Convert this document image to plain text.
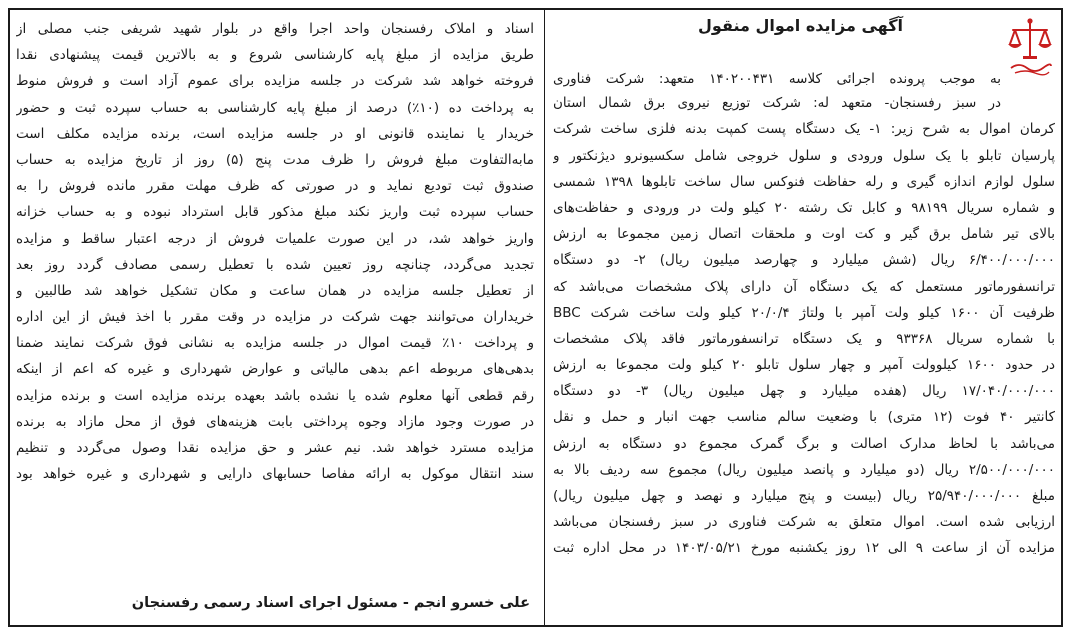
آگهی مزایده اموال منقول
به موجب پرونده اجرائی کلاسه ۱۴۰۲۰۰۴۳۱ متعهد: شرکت فناوری
در سبز رفسنجان- متعهد له: شرکت توزیع نیروی برق شمال استان
کرمان اموال به شرح زیر: ۱- یک دستگاه پست کمپت بدنه فلزی ساخت شرکت
پارسیان تابلو با یک سلول ورودی و سلول خروجی شامل سکسیونرو دیژنکتور و
سلول لوازم اندازه گیری و رله حفاظت فنوکس سال ساخت تابلوها ۱۳۹۸ شمسی
و شماره سریال ۹۸۱۹۹ و کابل تک رشته ۲۰ کیلو ولت در ورودی و حفاظت‌های
بالای تیر شامل برق گیر و کت اوت و ملحقات اتصال زمین مجموعا به ارزش
۶/۴۰۰/۰۰۰/۰۰۰ ریال (شش میلیارد و چهارصد میلیون ریال) ۲- دو دستگاه
ترانسفورماتور مستعمل که یک دستگاه آن دارای پلاک مشخصات می‌باشد که
ظرفیت آن ۱۶۰۰ کیلو ولت آمپر با ولتاژ ۲۰/۰/۴ کیلو ولت ساخت شرکت BBC
با شماره سریال ۹۳۳۶۸ و یک دستگاه ترانسفورماتور فاقد پلاک مشخصات
در حدود ۱۶۰۰ کیلوولت آمپر و چهار سلول تابلو ۲۰ کیلو ولت مجموعا به ارزش
۱۷/۰۴۰/۰۰۰/۰۰۰ ریال (هفده میلیارد و چهل میلیون ریال) ۳- دو دستگاه
کانتیر ۴۰ فوت (۱۲ متری) با وضعیت سالم مناسب جهت انبار و حمل و نقل
می‌باشد با لحاظ مدارک اصالت و برگ گمرک مجموع دو دستگاه به ارزش
۲/۵۰۰/۰۰۰/۰۰۰ ریال (دو میلیارد و پانصد میلیون ریال) مجموع سه ردیف بالا به
مبلغ ۲۵/۹۴۰/۰۰۰/۰۰۰ ریال (بیست و پنج میلیارد و نهصد و چهل میلیون ریال)
ارزیابی شده است. اموال متعلق به شرکت فناوری در سبز رفسنجان می‌باشد
مزایده آن از ساعت ۹ الی ۱۲ روز یکشنبه مورخ ۱۴۰۳/۰۵/۲۱ در محل اداره ثبت
اسناد و املاک رفسنجان واحد اجرا واقع در بلوار شهید شریفی جنب مصلی از
طریق مزایده از مبلغ پایه کارشناسی شروع و به بالاترین قیمت پیشنهادی نقدا
فروخته خواهد شد شرکت در جلسه مزایده برای عموم آزاد است و فروش منوط
به پرداخت ده (۱۰٪) درصد از مبلغ پایه کارشناسی به حساب سپرده ثبت و حضور
خریدار یا نماینده قانونی او در جلسه مزایده است، برنده مزایده مکلف است
مابه‌التفاوت مبلغ فروش را ظرف مدت پنج (۵) روز از تاریخ مزایده به حساب
صندوق ثبت تودیع نماید و در صورتی که ظرف مهلت مقرر مانده فروش را به
حساب سپرده ثبت واریز نکند مبلغ مذکور قابل استرداد نبوده و به حساب خزانه
واریز خواهد شد، در این صورت علمیات فروش از درجه اعتبار ساقط و مزایده
تجدید می‌گردد، چنانچه روز تعیین شده با تعطیل رسمی مصادف گردد روز بعد
از تعطیل جلسه مزایده در همان ساعت و مکان تشکیل خواهد شد طالبین و
خریداران می‌توانند جهت شرکت در مزایده در وقت مقرر با اخذ فیش از این اداره
و پرداخت ۱۰٪ قیمت اموال در جلسه مزایده به نشانی فوق شرکت نمایند ضمنا
بدهی‌های مربوطه اعم بدهی مالیاتی و عوارض شهرداری و غیره که اعم از اینکه
رقم قطعی آنها معلوم شده یا نشده باشد بعهده برنده مزایده است و برنده مزایده
در صورت وجود مازاد وجوه پرداختی بابت هزینه‌های فوق از محل مازاد به برنده
مزایده مسترد خواهد شد. نیم عشر و حق مزایده نقدا وصول می‌گردد و تنظیم
سند انتقال موکول به ارائه مفاصا حسابهای دارایی و شهرداری و غیره خواهد بود
علی خسرو انجم - مسئول اجرای اسناد رسمی رفسنجان
